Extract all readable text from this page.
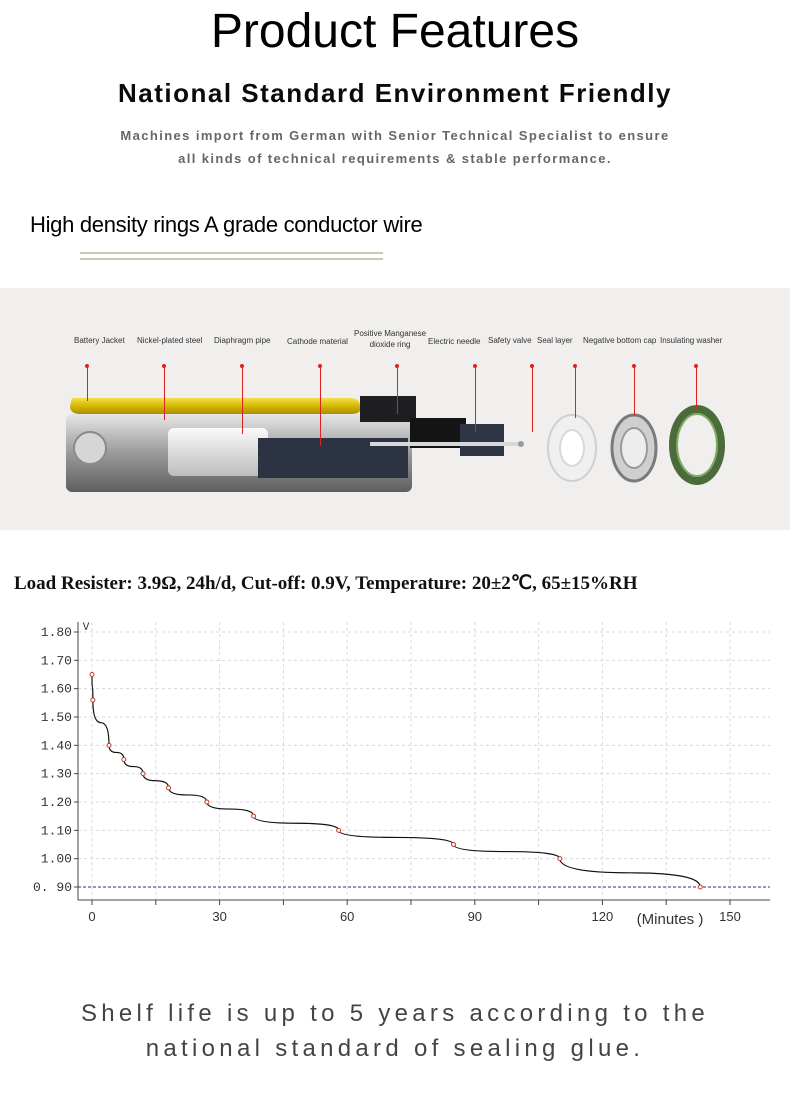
Product Features
National Standard Environment Friendly
Machines import from German with Senior Technical Specialist to ensure
all kinds of technical requirements & stable performance.
High density rings A grade conductor wire
Battery Jacket Nickel-plated steel Diaphragm pipe Cathode material
Positive Manganese
dioxide ring	Electric needle Safety valve Seal layer Negative bottom cap Insulating washer
Load Resister: 3.9Ω, 24h/d, Cut-off: 0.9V, Temperature: 20±2℃, 65±15%RH
0. 90
1.00
1.10
1.20
1.30
1.40
1.50
1.60
1.70
1.80
0	30	60	90	120	150
(Minutes )
V
Shelf life is up to 5 years according to the
national standard of sealing glue.
